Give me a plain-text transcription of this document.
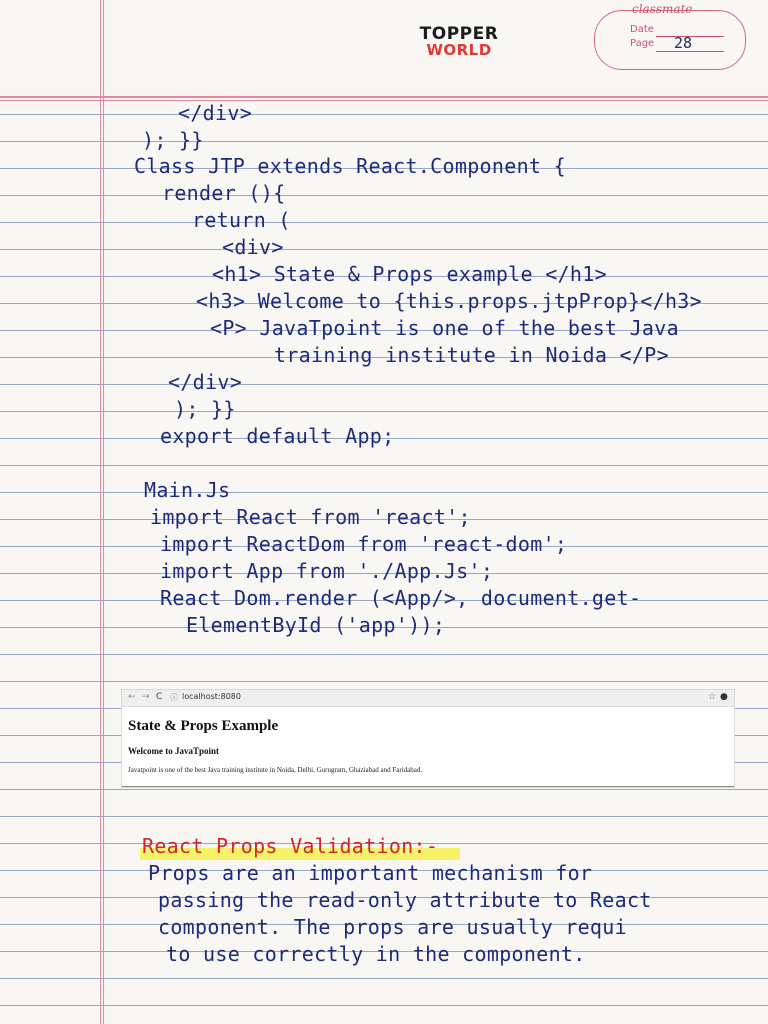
TOPPER
WORLD
classmate
Date
Page 28
</div>
); }}
Class JTP extends React.Component {
render (){
return (
<div>
<h1> State & Props example </h1>
<h3> Welcome to {this.props.jtpProp}</h3>
<P> JavaTpoint is one of the best Java
training institute in Noida </P>
</div>
); }}
export default App;
Main.Js
import React from 'react';
import ReactDom from 'react-dom';
import App from './App.Js';
React Dom.render (<App/>, document.get-
ElementById ('app'));
← → C ⓘ localhost:8080	☆ ●
State & Props Example
Welcome to JavaTpoint
Javatpoint is one of the best Java training institute in Noida, Delhi, Gurugram, Ghaziabad and Faridabad.
React Props Validation:-
Props are an important mechanism for
passing the read-only attribute to React
component. The props are usually requi
to use correctly in the component.
